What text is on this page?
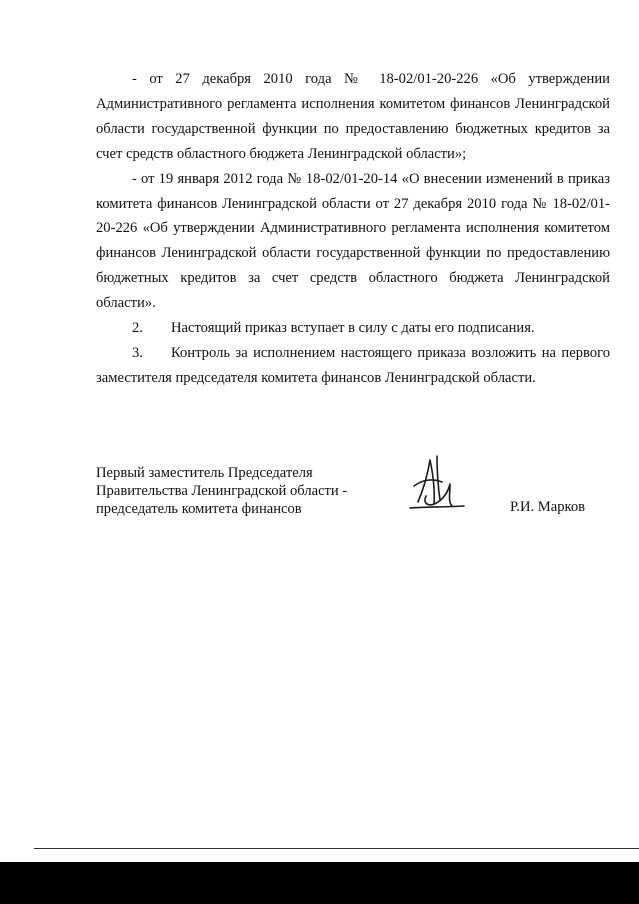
- от 27 декабря 2010 года № 18-02/01-20-226 «Об утверждении Административного регламента исполнения комитетом финансов Ленинградской области государственной функции по предоставлению бюджетных кредитов за счет средств областного бюджета Ленинградской области»;

- от 19 января 2012 года № 18-02/01-20-14 «О внесении изменений в приказ комитета финансов Ленинградской области от 27 декабря 2010 года № 18-02/01-20-226 «Об утверждении Административного регламента исполнения комитетом финансов Ленинградской области государственной функции по предоставлению бюджетных кредитов за счет средств областного бюджета Ленинградской области».

2. Настоящий приказ вступает в силу с даты его подписания.

3. Контроль за исполнением настоящего приказа возложить на первого заместителя председателя комитета финансов Ленинградской области.

Первый заместитель Председателя
Правительства Ленинградской области -
председатель комитета финансов	Р.И. Марков
